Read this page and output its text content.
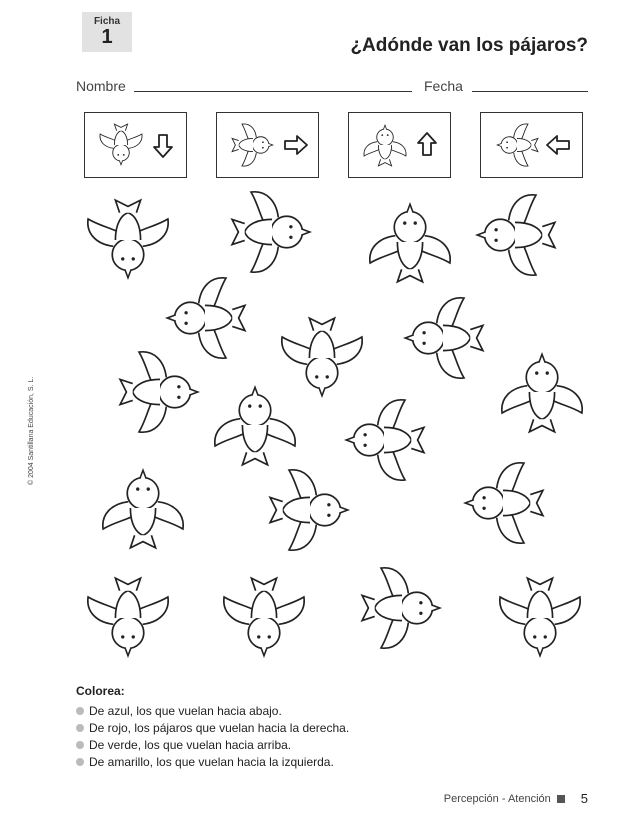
Ficha
1	¿Adónde van los pájaros?
Nombre	Fecha
© 2004 Santillana Educación, S. L.
Colorea:
De azul, los que vuelan hacia abajo.
De rojo, los pájaros que vuelan hacia la derecha.
De verde, los que vuelan hacia arriba.
De amarillo, los que vuelan hacia la izquierda.
Percepción - Atención 5
